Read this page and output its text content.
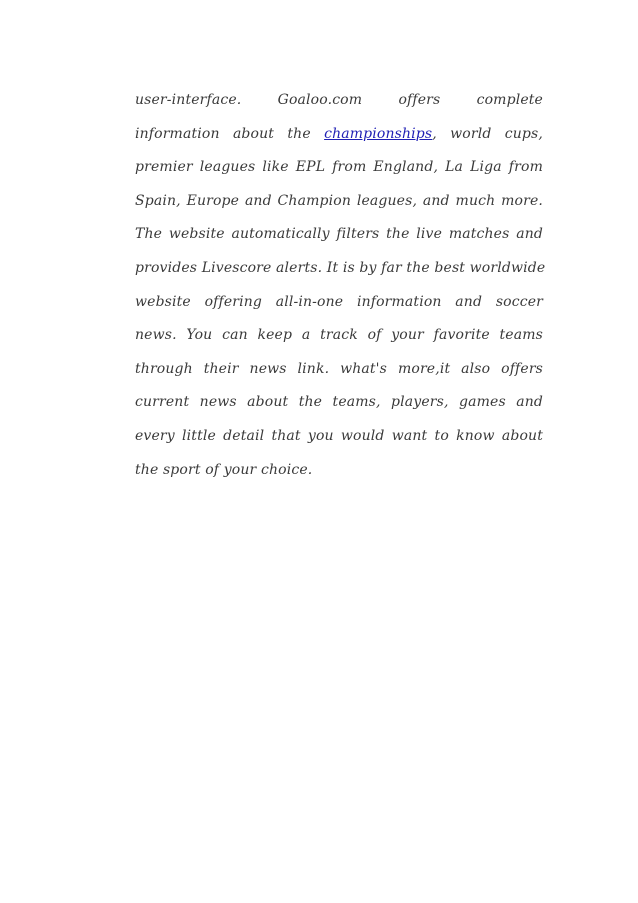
user-interface. Goaloo.com offers complete
information about the championships, world cups,
premier leagues like EPL from England, La Liga from
Spain, Europe and Champion leagues, and much more.
The website automatically filters the live matches and
provides Livescore alerts. It is by far the best worldwide
website offering all-in-one information and soccer
news. You can keep a track of your favorite teams
through their news link. what's more,it also offers
current news about the teams, players, games and
every little detail that you would want to know about
the sport of your choice.
